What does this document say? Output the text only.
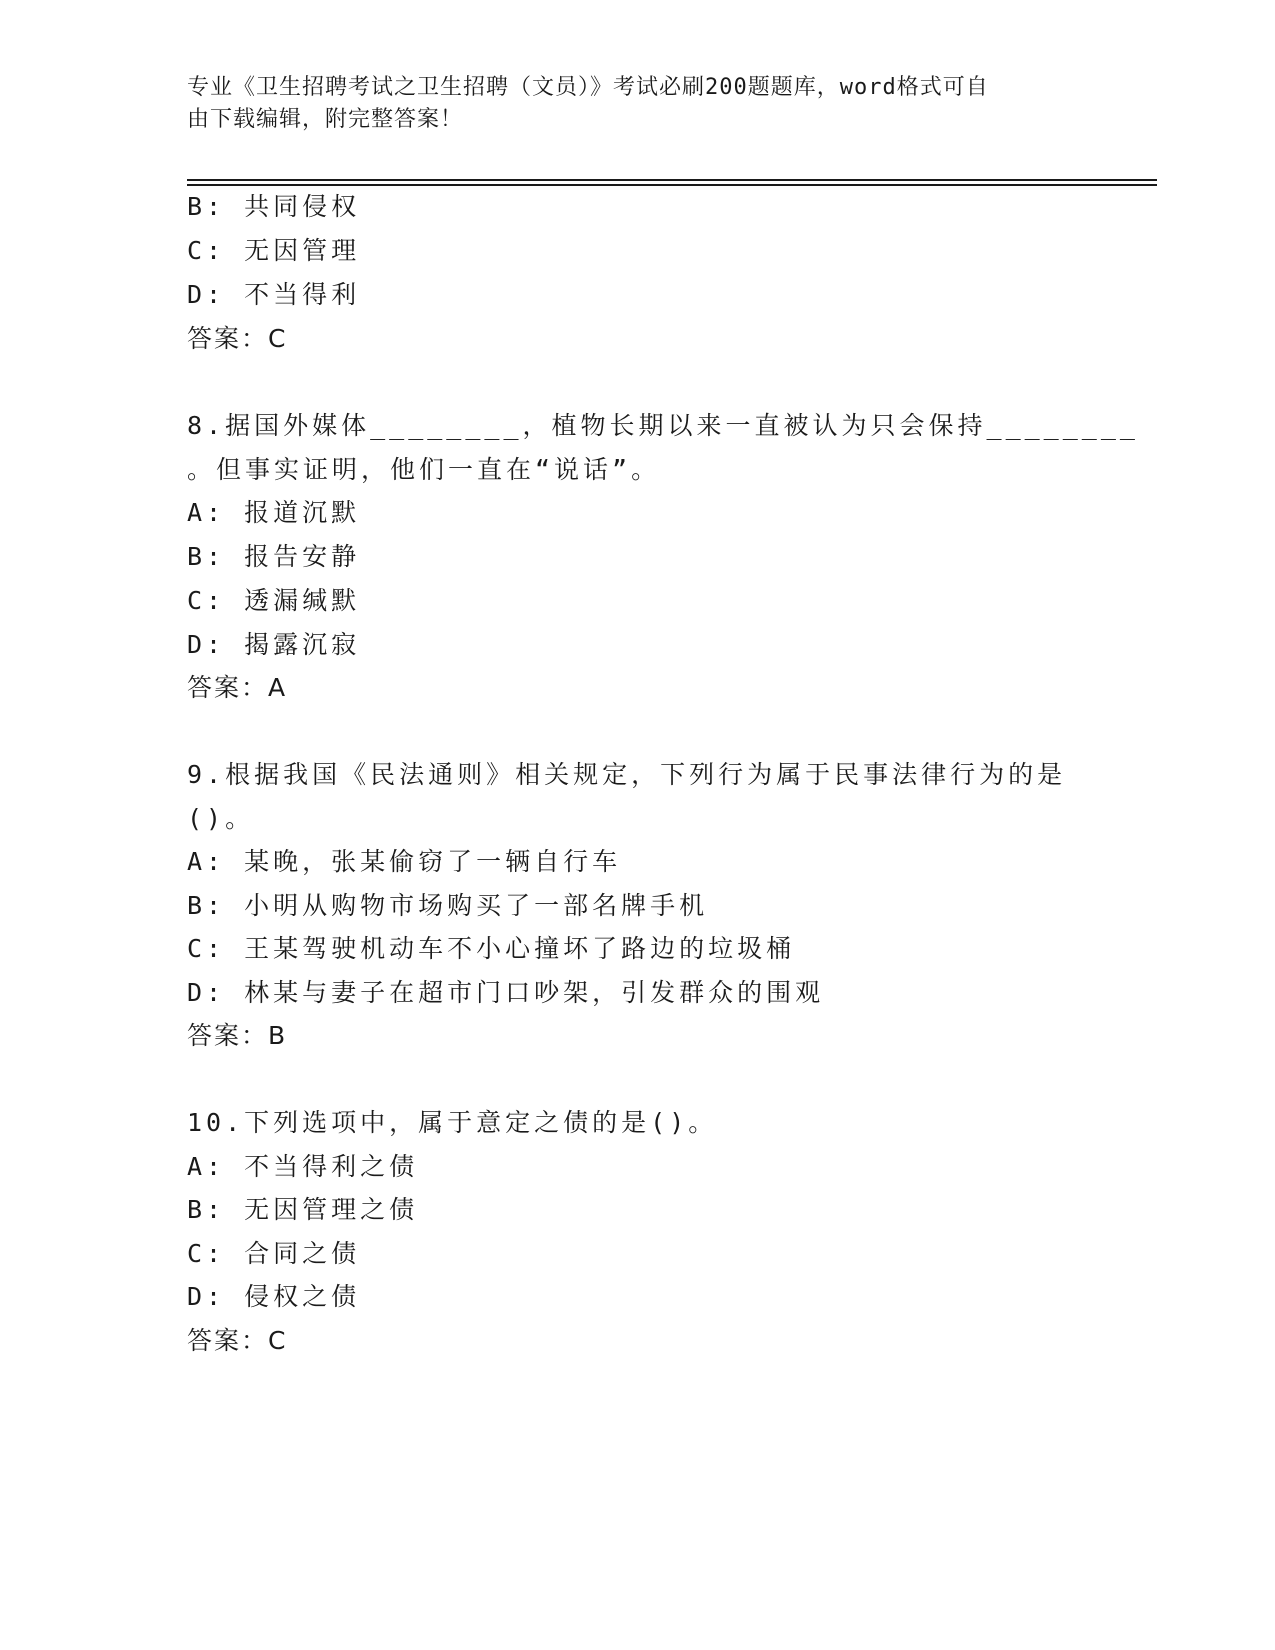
专业《卫生招聘考试之卫生招聘（文员）》考试必刷200题题库，word格式可自
由下载编辑，附完整答案！
B: 共同侵权
C: 无因管理
D: 不当得利
答案：C
8.据国外媒体________，植物长期以来一直被认为只会保持________
。但事实证明，他们一直在“说话”。
A: 报道沉默
B: 报告安静
C: 透漏缄默
D: 揭露沉寂
答案：A
9.根据我国《民法通则》相关规定，下列行为属于民事法律行为的是
()。
A: 某晚，张某偷窃了一辆自行车
B: 小明从购物市场购买了一部名牌手机
C: 王某驾驶机动车不小心撞坏了路边的垃圾桶
D: 林某与妻子在超市门口吵架，引发群众的围观
答案：B
10.下列选项中，属于意定之债的是()。
A: 不当得利之债
B: 无因管理之债
C: 合同之债
D: 侵权之债
答案：C
